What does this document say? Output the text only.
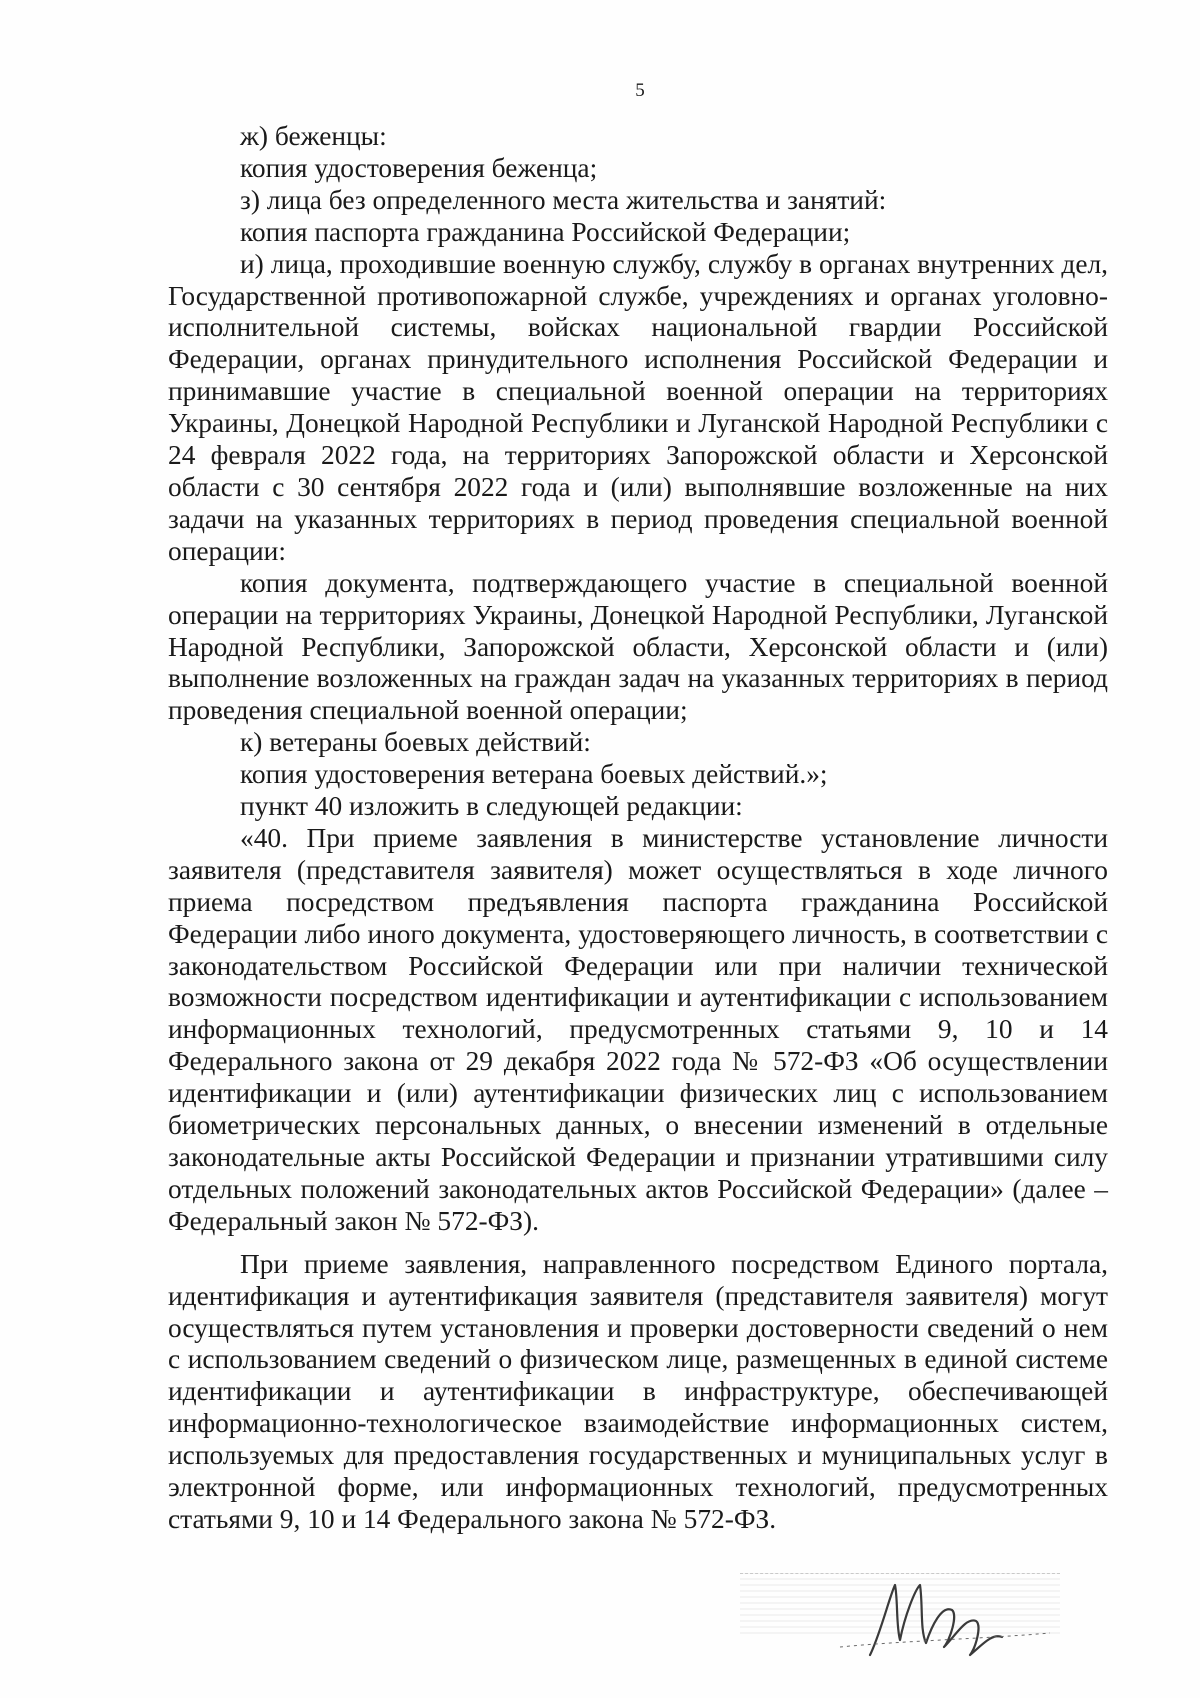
5

ж) беженцы:

копия удостоверения беженца;

з) лица без определенного места жительства и занятий:

копия паспорта гражданина Российской Федерации;

и) лица, проходившие военную службу, службу в органах внутренних дел, Государственной противопожарной службе, учреждениях и органах уголовно-исполнительной системы, войсках национальной гвардии Российской Федерации, органах принудительного исполнения Российской Федерации и принимавшие участие в специальной военной операции на территориях Украины, Донецкой Народной Республики и Луганской Народной Республики с 24 февраля 2022 года, на территориях Запорожской области и Херсонской области с 30 сентября 2022 года и (или) выполнявшие возложенные на них задачи на указанных территориях в период проведения специальной военной операции:

копия документа, подтверждающего участие в специальной военной операции на территориях Украины, Донецкой Народной Республики, Луганской Народной Республики, Запорожской области, Херсонской области и (или) выполнение возложенных на граждан задач на указанных территориях в период проведения специальной военной операции;

к) ветераны боевых действий:

копия удостоверения ветерана боевых действий.»;

пункт 40 изложить в следующей редакции:

«40. При приеме заявления в министерстве установление личности заявителя (представителя заявителя) может осуществляться в ходе личного приема посредством предъявления паспорта гражданина Российской Федерации либо иного документа, удостоверяющего личность, в соответствии с законодательством Российской Федерации или при наличии технической возможности посредством идентификации и аутентификации с использованием информационных технологий, предусмотренных статьями 9, 10 и 14 Федерального закона от 29 декабря 2022 года № 572-ФЗ «Об осуществлении идентификации и (или) аутентификации физических лиц с использованием биометрических персональных данных, о внесении изменений в отдельные законодательные акты Российской Федерации и признании утратившими силу отдельных положений законодательных актов Российской Федерации» (далее – Федеральный закон № 572-ФЗ).

При приеме заявления, направленного посредством Единого портала, идентификация и аутентификация заявителя (представителя заявителя) могут осуществляться путем установления и проверки достоверности сведений о нем с использованием сведений о физическом лице, размещенных в единой системе идентификации и аутентификации в инфраструктуре, обеспечивающей информационно-технологическое взаимодействие информационных систем, используемых для предоставления государственных и муниципальных услуг в электронной форме, или информационных технологий, предусмотренных статьями 9, 10 и 14 Федерального закона № 572-ФЗ.
